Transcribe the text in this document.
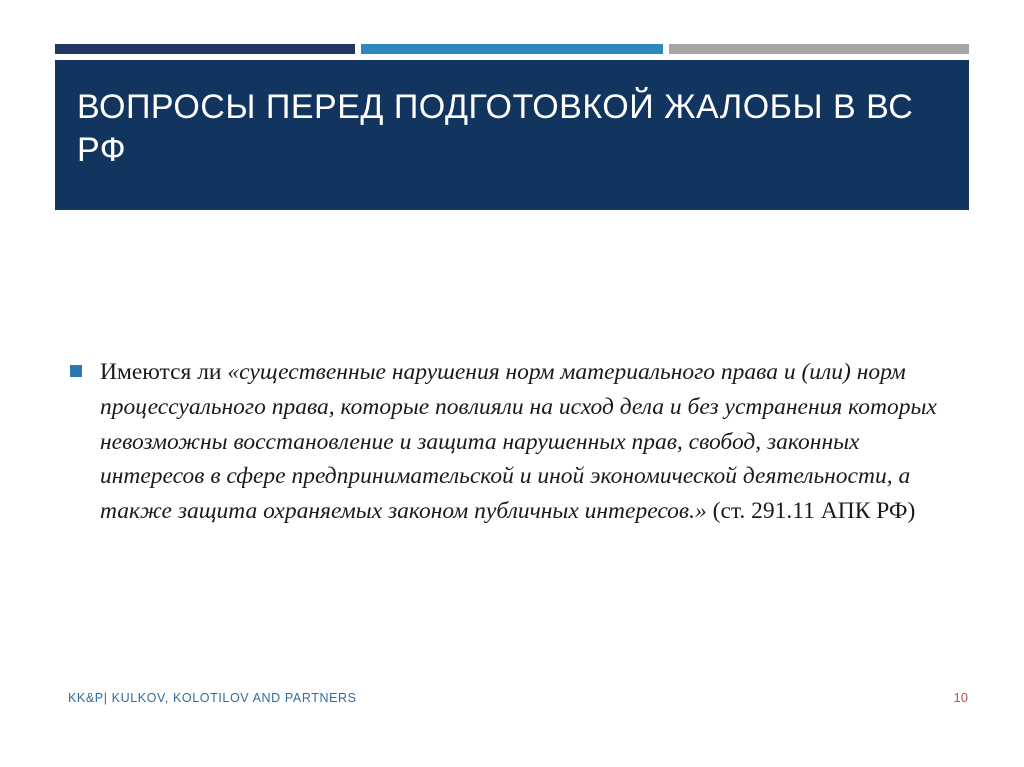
ВОПРОСЫ ПЕРЕД ПОДГОТОВКОЙ ЖАЛОБЫ В ВС РФ
Имеются ли «существенные нарушения норм материального права и (или) норм процессуального права, которые повлияли на исход дела и без устранения которых невозможны восстановление и защита нарушенных прав, свобод, законных интересов в сфере предпринимательской и иной экономической деятельности, а также защита охраняемых законом публичных интересов.» (ст. 291.11 АПК РФ)
KK&P| KULKOV, KOLOTILOV AND PARTNERS	10
